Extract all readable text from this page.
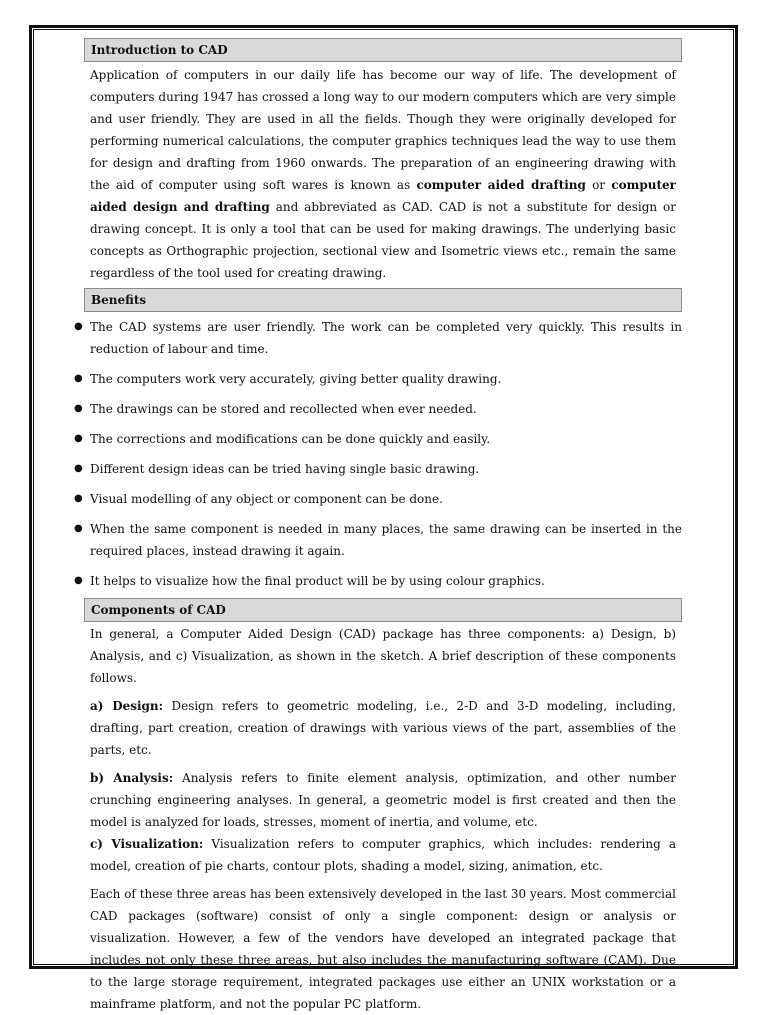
Introduction to CAD

Application of computers in our daily life has become our way of life. The development of computers during 1947 has crossed a long way to our modern computers which are very simple and user friendly. They are used in all the fields. Though they were originally developed for performing numerical calculations, the computer graphics techniques lead the way to use them for design and drafting from 1960 onwards. The preparation of an engineering drawing with the aid of computer using soft wares is known as computer aided drafting or computer aided design and drafting and abbreviated as CAD. CAD is not a substitute for design or drawing concept. It is only a tool that can be used for making drawings. The underlying basic concepts as Orthographic projection, sectional view and Isometric views etc., remain the same regardless of the tool used for creating drawing.

Benefits
● The CAD systems are user friendly. The work can be completed very quickly. This results in reduction of labour and time.
● The computers work very accurately, giving better quality drawing.
● The drawings can be stored and recollected when ever needed.
● The corrections and modifications can be done quickly and easily.
● Different design ideas can be tried having single basic drawing.
● Visual modelling of any object or component can be done.
● When the same component is needed in many places, the same drawing can be inserted in the required places, instead drawing it again.
● It helps to visualize how the final product will be by using colour graphics.
Components of CAD

In general, a Computer Aided Design (CAD) package has three components: a) Design, b) Analysis, and c) Visualization, as shown in the sketch. A brief description of these components follows.

a) Design: Design refers to geometric modeling, i.e., 2-D and 3-D modeling, including, drafting, part creation, creation of drawings with various views of the part, assemblies of the parts, etc.

b) Analysis: Analysis refers to finite element analysis, optimization, and other number crunching engineering analyses. In general, a geometric model is first created and then the model is analyzed for loads, stresses, moment of inertia, and volume, etc.

c) Visualization: Visualization refers to computer graphics, which includes: rendering a model, creation of pie charts, contour plots, shading a model, sizing, animation, etc.

Each of these three areas has been extensively developed in the last 30 years. Most commercial CAD packages (software) consist of only a single component: design or analysis or visualization. However, a few of the vendors have developed an integrated package that includes not only these three areas, but also includes the manufacturing software (CAM). Due to the large storage requirement, integrated packages use either an UNIX workstation or a mainframe platform, and not the popular PC platform.
